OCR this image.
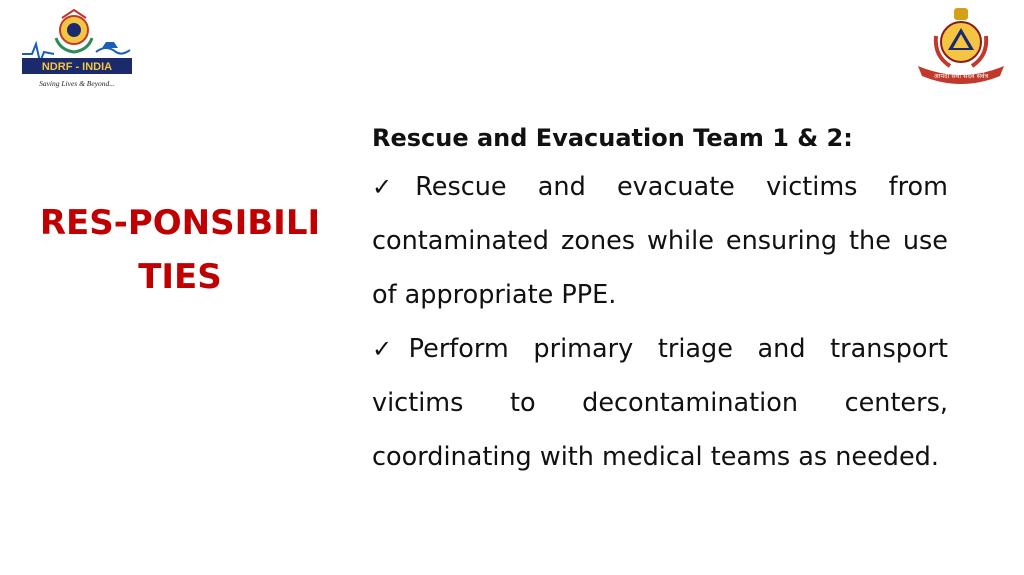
NDRF - INDIA
Saving Lives & Beyond...
आपदा सेवा सदैव सर्वत्र
RES-PONSIBILITIES

Rescue and Evacuation Team 1 & 2:

✓Rescue and evacuate victims from contaminated zones while ensuring the use of appropriate PPE.

✓Perform primary triage and transport victims to decontamination centers, coordinating with medical teams as needed.
